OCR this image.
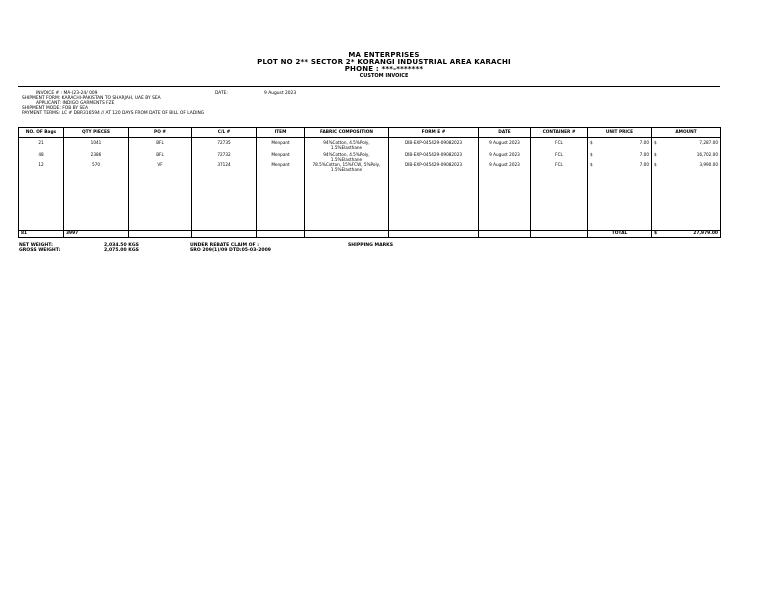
MA ENTERPRISES
PLOT NO 2** SECTOR 2* KORANGI INDUSTRIAL AREA KARACHI
PHONE : ***-*******
CUSTOM INVOICE
INVOICE # : MA-(23-24/ 009	DATE:	9 August 2023
SHIPMENT FORM: KARACHI-PAKISTAN TO SHARJAH, UAE BY SEA
APPLICANT: INDIGO GARMENTS FZE
SHIPMENT MODE: FOB BY SEA
PAYMENT TERMS: LC # DBR316594 // AT 120 DAYS FROM DATE OF BILL OF LADING
NO. OF Bags	QTY PIECES	PO #	C/L #	ITEM	FABRIC COMPOSITION	FORM E #	DATE	CONTAINER #	UNIT PRICE	AMOUNT
21	1041	BFL	72735	Menpant	94%Cotton, 4.5%Poly, 1.5%Elasthane	DIB-EXP-045429-09082023	9 August 2023	FCL	$ 7.00	$ 7,287.00
48	2386	BFL	72732	Menpant	94%Cotton, 4.5%Poly, 1.5%Elasthane	DIB-EXP-045429-09082023	9 August 2023	FCL	$ 7.00	$ 16,702.00
12	570	VF	37124	Menpant	78.5%Cotton, 15%FCW, 5%Poly, 1.5%Elasthane	DIB-EXP-045429-09082023	9 August 2023	FCL	$ 7.00	$ 3,990.00

81	3997								TOTAL	$ 27,979.00
NET WEIGHT:
GROSS WEIGHT:
2,034.50 KGS
2,075.00 KGS
UNDER REBATE CLAIM OF :
SRO 209(1)/09 DTD:05-03-2009
SHIPPING MARKS
